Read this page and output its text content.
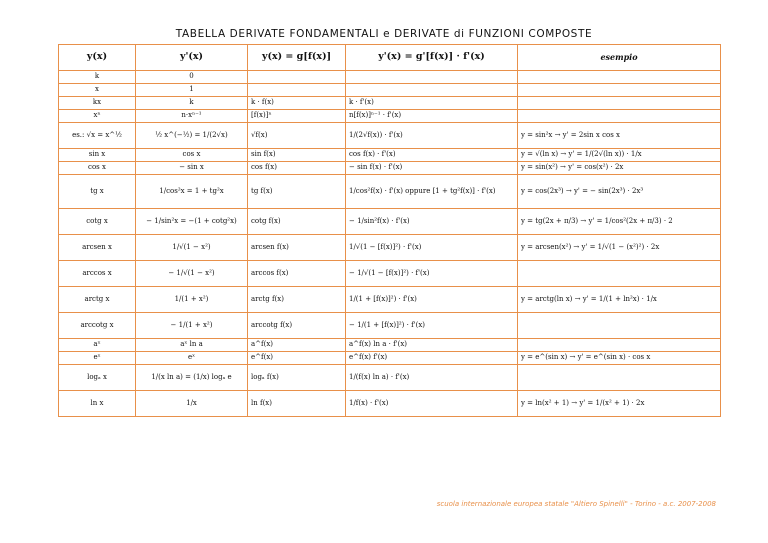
TABELLA DERIVATE FONDAMENTALI e DERIVATE di FUNZIONI COMPOSTE
y(x)	y'(x)	y(x) = g[f(x)]	y'(x) = g'[f(x)] · f'(x)	esempio
k	0			
x	1			
kx	k	k · f(x)	k · f'(x)	
xⁿ	n·xⁿ⁻¹	[f(x)]ⁿ	n[f(x)]ⁿ⁻¹ · f'(x)	
es.: √x = x^½	½ x^(−½) = 1/(2√x)	√f(x)	1/(2√f(x)) · f'(x)	y = sin²x → y' = 2sin x cos x
sin x	cos x	sin f(x)	cos f(x) · f'(x)	y = √(ln x) → y' = 1/(2√(ln x)) · 1/x
cos x	− sin x	cos f(x)	− sin f(x) · f'(x)	y = sin(x²) → y' = cos(x²) · 2x
tg x	1/cos²x = 1 + tg²x	tg f(x)	1/cos²f(x) · f'(x) oppure [1 + tg²f(x)] · f'(x)	y = cos(2x³) → y' = − sin(2x³) · 2x³
cotg x	− 1/sin²x = −(1 + cotg²x)	cotg f(x)	− 1/sin²f(x) · f'(x)	y = tg(2x + π/3) → y' = 1/cos²(2x + π/3) · 2
arcsen x	1/√(1 − x²)	arcsen f(x)	1/√(1 − [f(x)]²) · f'(x)	y = arcsen(x²) → y' = 1/√(1 − (x²)²) · 2x
arccos x	− 1/√(1 − x²)	arccos f(x)	− 1/√(1 − [f(x)]²) · f'(x)	
arctg x	1/(1 + x²)	arctg f(x)	1/(1 + [f(x)]²) · f'(x)	y = arctg(ln x) → y' = 1/(1 + ln²x) · 1/x
arccotg x	− 1/(1 + x²)	arccotg f(x)	− 1/(1 + [f(x)]²) · f'(x)	
aˣ	aˣ ln a	a^f(x)	a^f(x) ln a · f'(x)	
eˣ	eˣ	e^f(x)	e^f(x) f'(x)	y = e^(sin x) → y' = e^(sin x) · cos x
logₐ x	1/(x ln a) = (1/x) logₐ e	logₐ f(x)	1/(f(x) ln a) · f'(x)	
ln x	1/x	ln f(x)	1/f(x) · f'(x)	y = ln(x² + 1) → y' = 1/(x² + 1) · 2x
scuola internazionale europea statale "Altiero Spinelli" - Torino - a.c. 2007-2008
